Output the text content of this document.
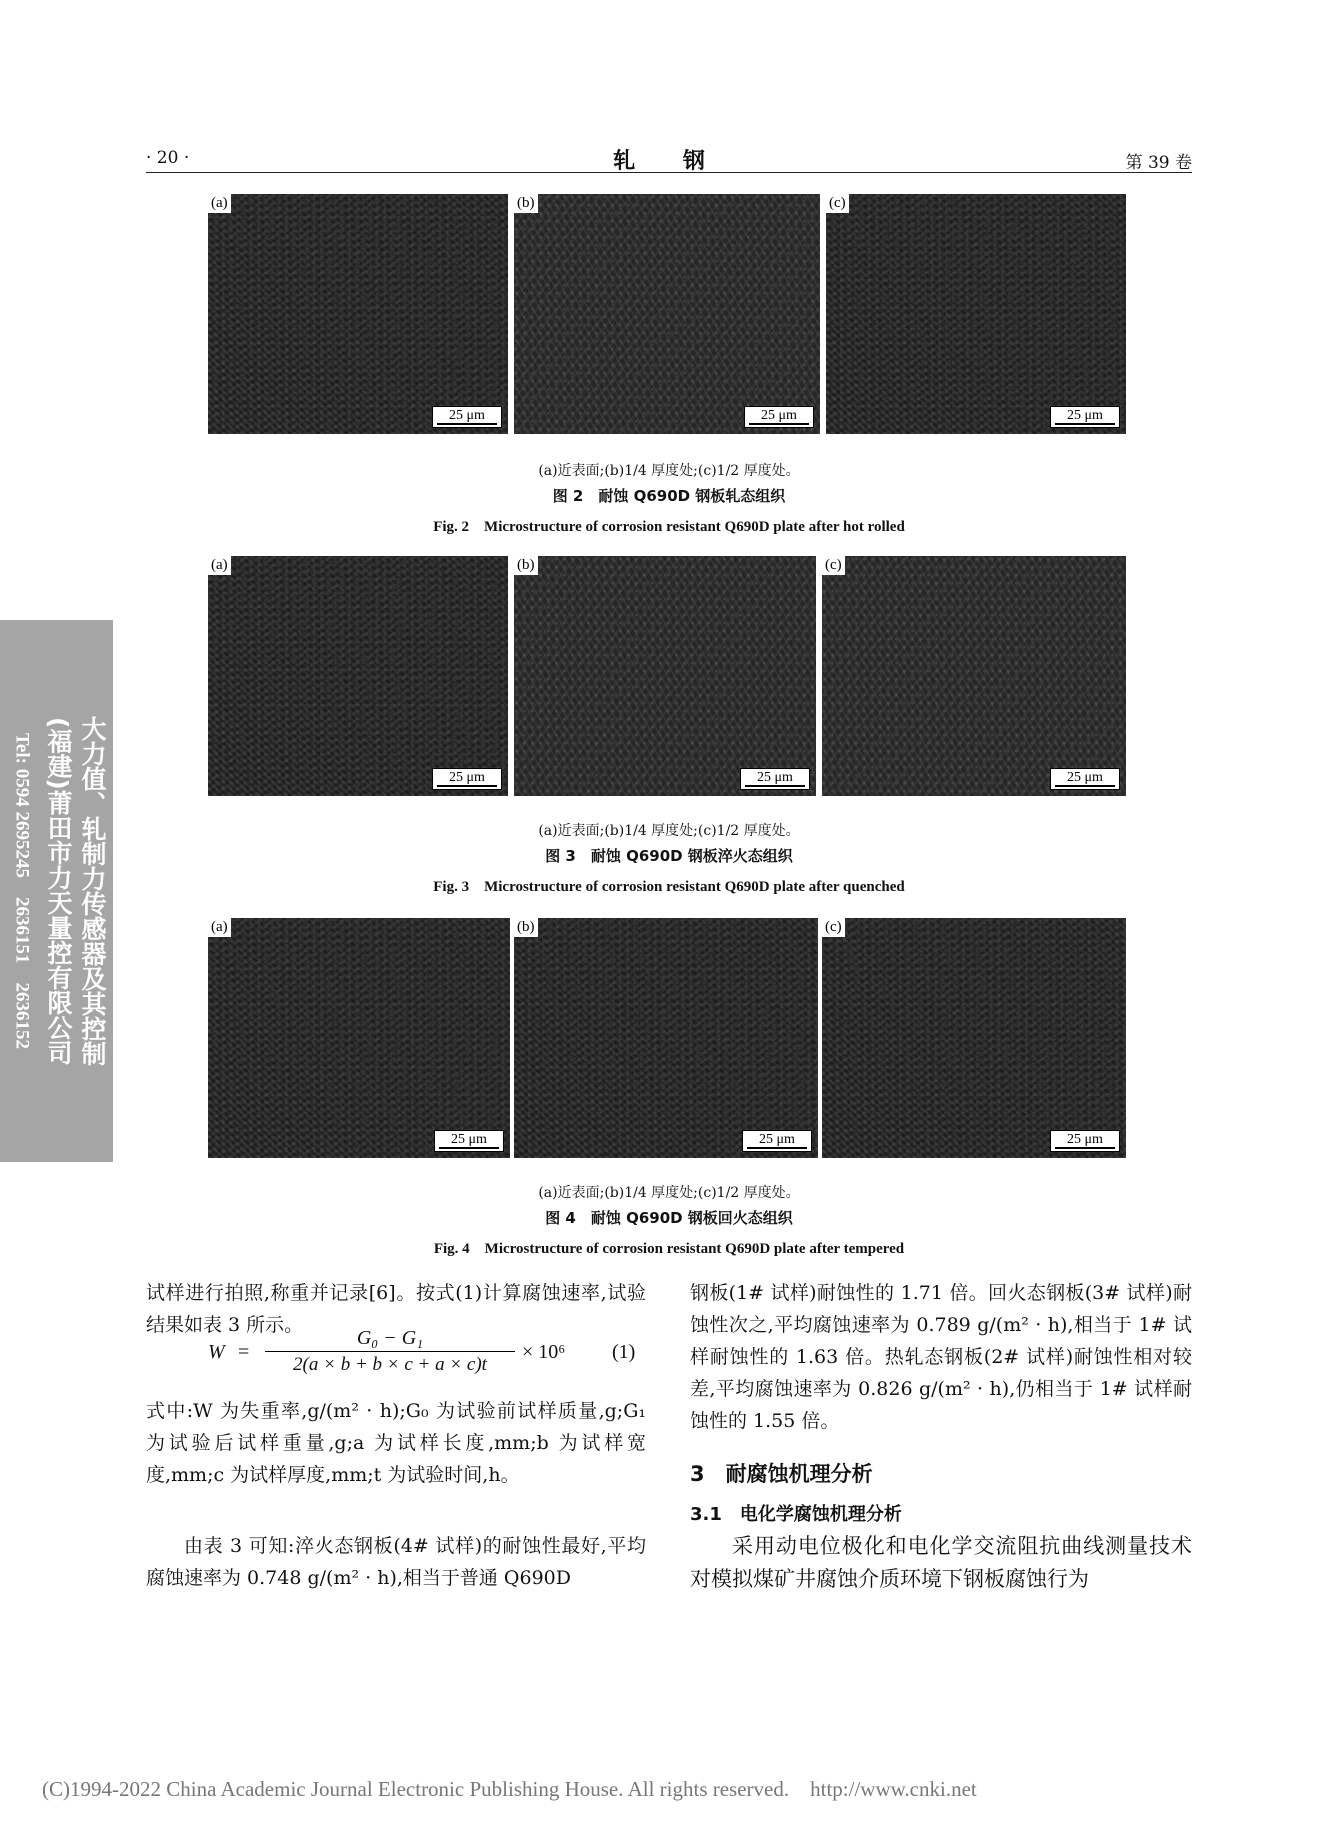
· 20 ·	轧 钢	第 39 卷
(a)
25 μm
(b)
25 μm
(c)
25 μm
(a)近表面;(b)1/4 厚度处;(c)1/2 厚度处。
图 2　耐蚀 Q690D 钢板轧态组织
Fig. 2　Microstructure of corrosion resistant Q690D plate after hot rolled
(a)
25 μm
(b)
25 μm
(c)
25 μm
(a)近表面;(b)1/4 厚度处;(c)1/2 厚度处。
图 3　耐蚀 Q690D 钢板淬火态组织
Fig. 3　Microstructure of corrosion resistant Q690D plate after quenched
(a)
25 μm
(b)
25 μm
(c)
25 μm
(a)近表面;(b)1/4 厚度处;(c)1/2 厚度处。
图 4　耐蚀 Q690D 钢板回火态组织
Fig. 4　Microstructure of corrosion resistant Q690D plate after tempered

试样进行拍照,称重并记录[6]。按式(1)计算腐蚀速率,试验结果如表 3 所示。

W =
G₀ − G₁
2(a × b + b × c + a × c)t
× 10⁶ (1)

式中:W 为失重率,g/(m² · h);G₀ 为试验前试样质量,g;G₁ 为试验后试样重量,g;a 为试样长度,mm;b 为试样宽度,mm;c 为试样厚度,mm;t 为试验时间,h。

由表 3 可知:淬火态钢板(4# 试样)的耐蚀性最好,平均腐蚀速率为 0.748 g/(m² · h),相当于普通 Q690D

钢板(1# 试样)耐蚀性的 1.71 倍。回火态钢板(3# 试样)耐蚀性次之,平均腐蚀速率为 0.789 g/(m² · h),相当于 1# 试样耐蚀性的 1.63 倍。热轧态钢板(2# 试样)耐蚀性相对较差,平均腐蚀速率为 0.826 g/(m² · h),仍相当于 1# 试样耐蚀性的 1.55 倍。

3　耐腐蚀机理分析
3.1　电化学腐蚀机理分析

采用动电位极化和电化学交流阻抗曲线测量技术对模拟煤矿井腐蚀介质环境下钢板腐蚀行为

大力值、轧制力传感器及其控制
(福建)莆田市力天量控有限公司
Tel: 0594 2695245　2636151　2636152
(C)1994-2022 China Academic Journal Electronic Publishing House. All rights reserved.　http://www.cnki.net
